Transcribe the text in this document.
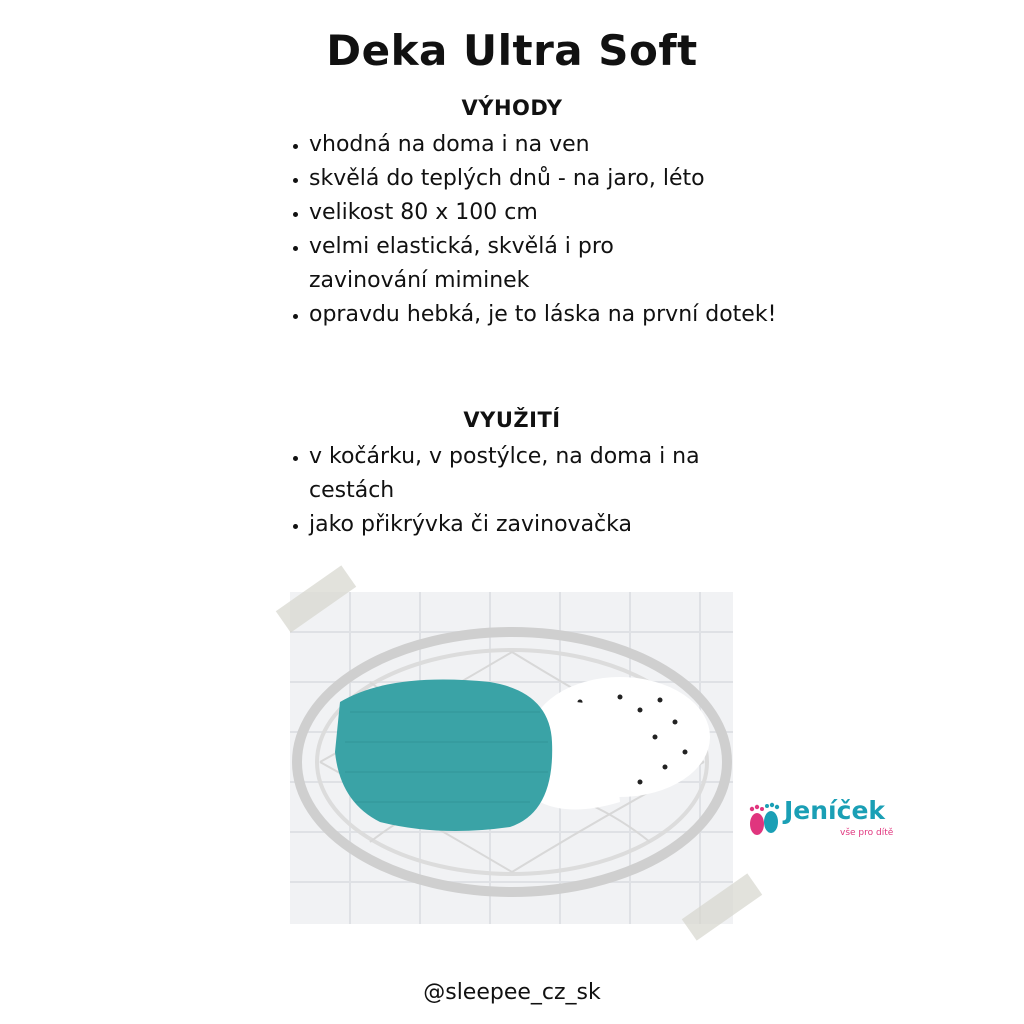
Deka Ultra Soft
VÝHODY
vhodná na doma i na ven
skvělá do teplých dnů - na jaro, léto
velikost 80 x 100 cm
velmi elastická, skvělá i pro zavinování miminek
opravdu hebká, je to láska na první dotek!
VYUŽITÍ
v kočárku, v postýlce, na doma i na cestách
jako přikrývka či zavinovačka
Jeníček
vše pro dítě
@sleepee_cz_sk
